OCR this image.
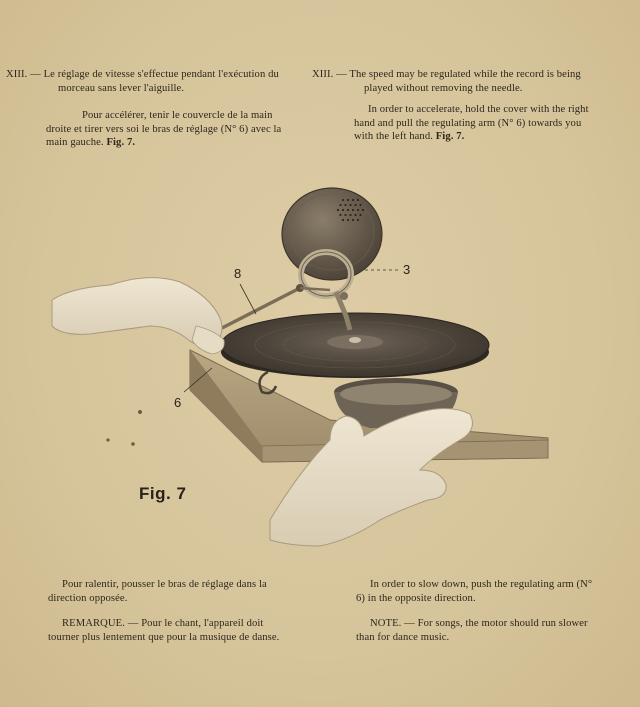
XIII. — Le réglage de vitesse s'effectue pendant l'exécution du morceau sans lever l'aiguille.

Pour accélérer, tenir le couvercle de la main droite et tirer vers soi le bras de réglage (N° 6) avec la main gauche. Fig. 7.

XIII. — The speed may be regulated while the record is being played without removing the needle.

In order to accelerate, hold the cover with the right hand and pull the regulating arm (N° 6) towards you with the left hand. Fig. 7.

8	3
6
Fig. 7

Pour ralentir, pousser le bras de réglage dans la direction opposée.

REMARQUE. — Pour le chant, l'appareil doit tourner plus lentement que pour la musique de danse.

In order to slow down, push the regulating arm (N° 6) in the opposite direction.

NOTE. — For songs, the motor should run slower than for dance music.
